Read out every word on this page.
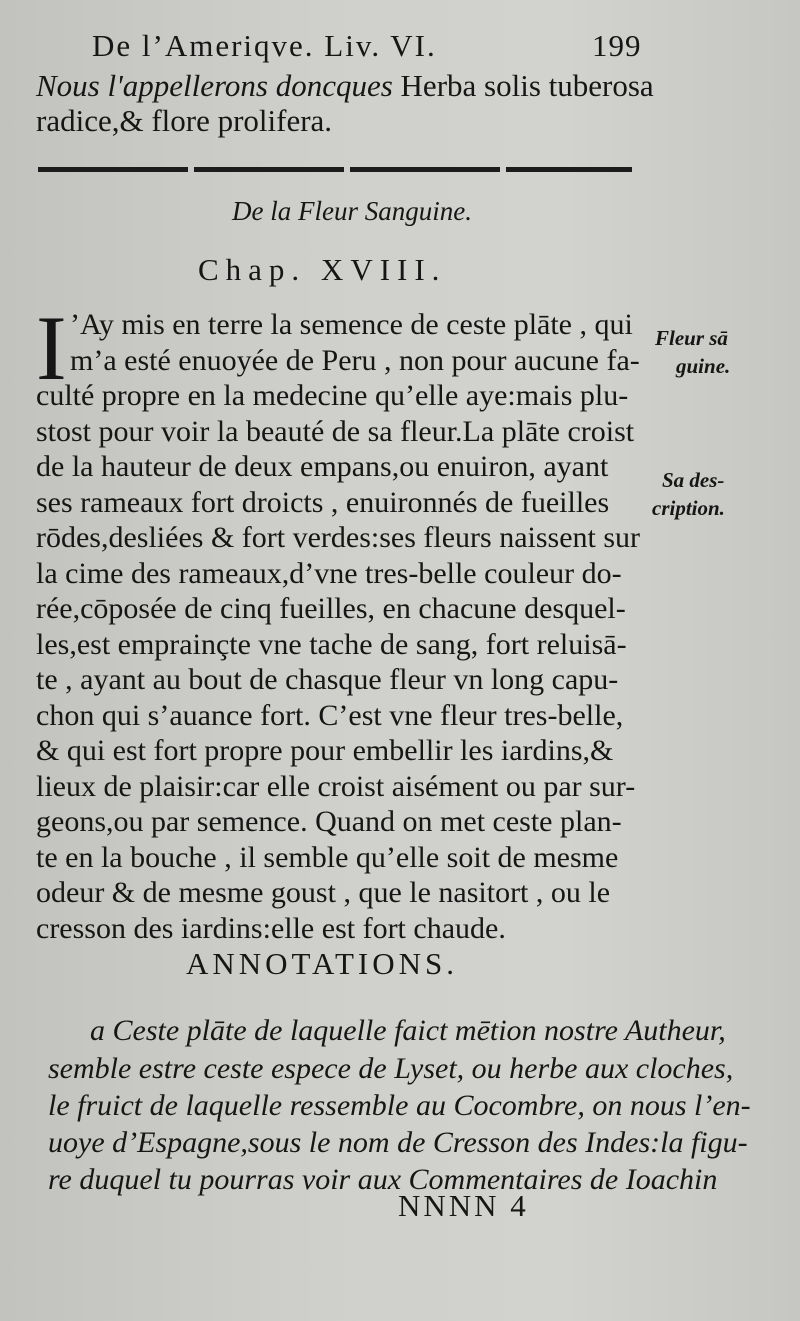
De l’Ameriqve. Liv. VI.	199
Nous l'appellerons doncques Herba solis tuberosa
radice,& flore prolifera.
De la Fleur Sanguine.
Chap. XVIII.
I ’Ay mis en terre la semence de ceste plāte , qui
m’a esté enuoyée de Peru , non pour aucune fa-
culté propre en la medecine qu’elle aye:mais plu-
stost pour voir la beauté de sa fleur.La plāte croist
de la hauteur de deux empans,ou enuiron, ayant
ses rameaux fort droicts , enuironnés de fueilles
rōdes,desliées & fort verdes:ses fleurs naissent sur
la cime des rameaux,d’vne tres-belle couleur do-
rée,cōposée de cinq fueilles, en chacune desquel-
les,est emprainçte vne tache de sang, fort reluisā-
te , ayant au bout de chasque fleur vn long capu-
chon qui s’auance fort. C’est vne fleur tres-belle,
& qui est fort propre pour embellir les iardins,&
lieux de plaisir:car elle croist aisément ou par sur-
geons,ou par semence. Quand on met ceste plan-
te en la bouche , il semble qu’elle soit de mesme
odeur & de mesme goust , que le nasitort , ou le
cresson des iardins:elle est fort chaude.
Fleur sā
guine.
Sa des-
cription.
ANNOTATIONS.
a Ceste plāte de laquelle faict mētion nostre Autheur,
semble estre ceste espece de Lyset, ou herbe aux cloches,
le fruict de laquelle ressemble au Cocombre, on nous l’en-
uoye d’Espagne,sous le nom de Cresson des Indes:la figu-
re duquel tu pourras voir aux Commentaires de Ioachin
NNNN 4
